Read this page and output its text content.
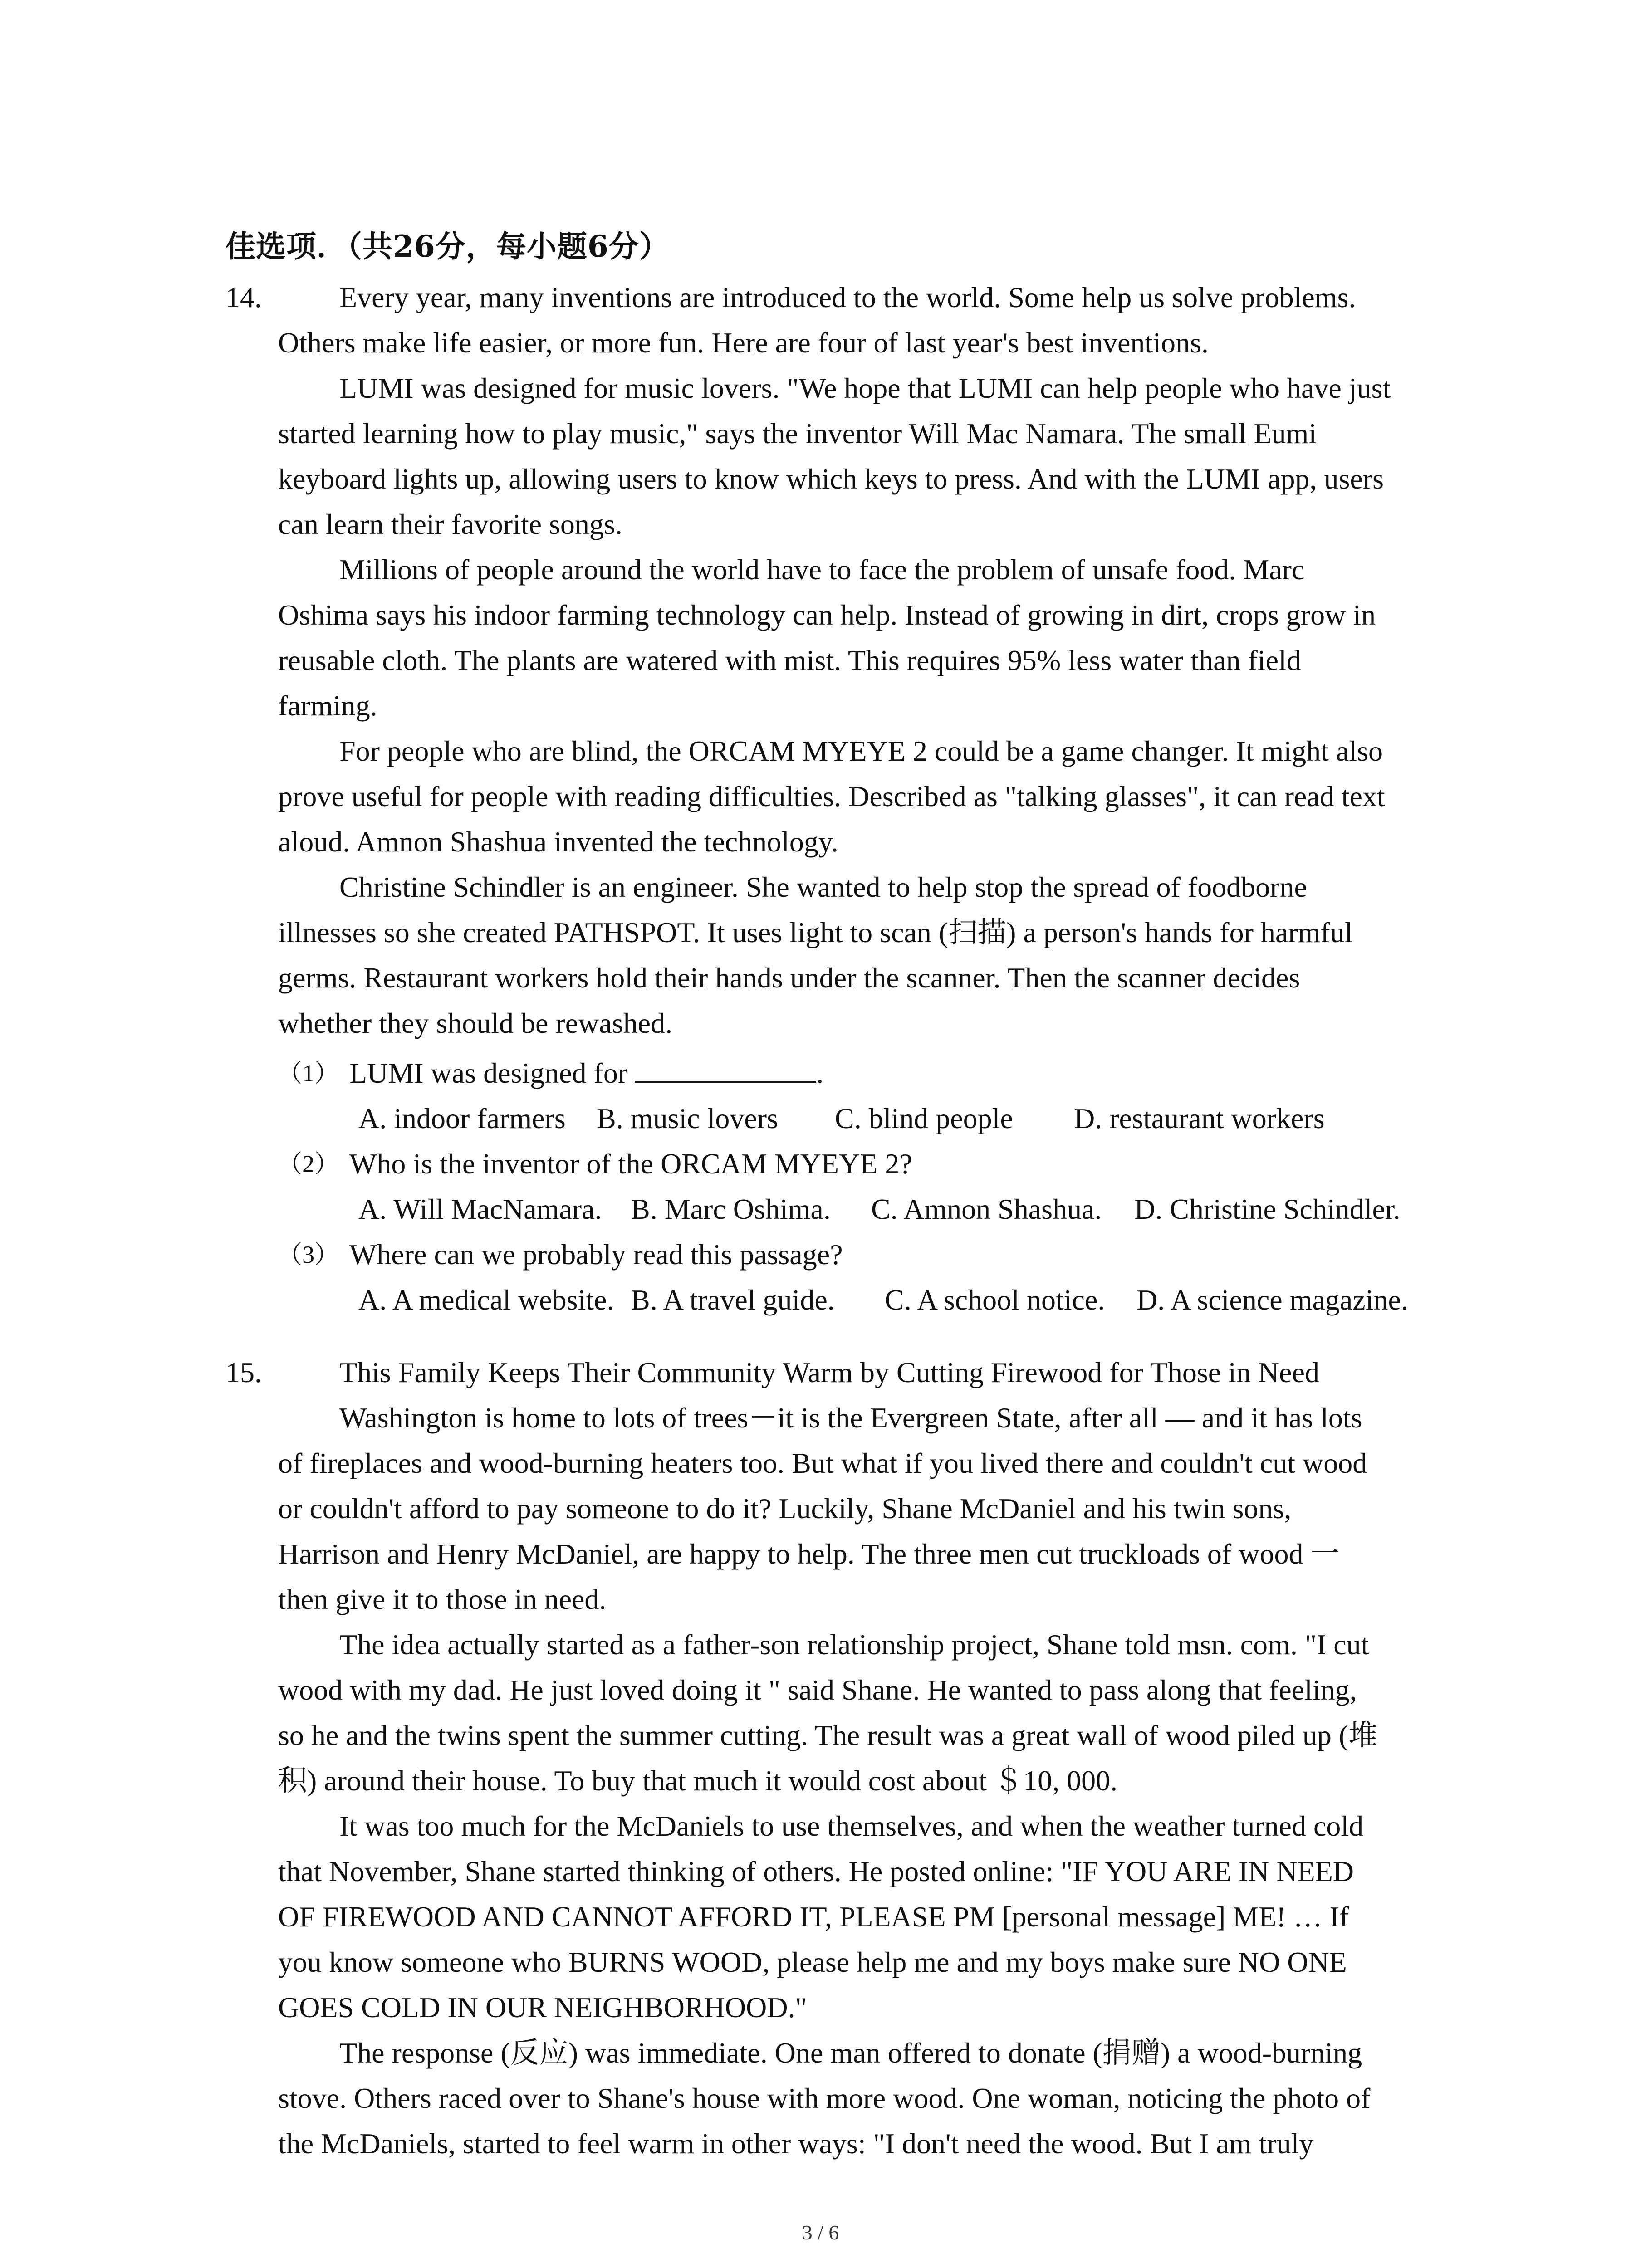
佳选项．（共26分，每小题6分）
14.	Every year, many inventions are introduced to the world. Some help us solve problems.
Others make life easier, or more fun. Here are four of last year's best inventions.
LUMI was designed for music lovers. "We hope that LUMI can help people who have just
started learning how to play music," says the inventor Will Mac Namara. The small Eumi
keyboard lights up, allowing users to know which keys to press. And with the LUMI app, users
can learn their favorite songs.
Millions of people around the world have to face the problem of unsafe food. Marc
Oshima says his indoor farming technology can help. Instead of growing in dirt, crops grow in
reusable cloth. The plants are watered with mist. This requires 95% less water than field
farming.
For people who are blind, the ORCAM MYEYE 2 could be a game changer. It might also
prove useful for people with reading difficulties. Described as "talking glasses", it can read text
aloud. Amnon Shashua invented the technology.
Christine Schindler is an engineer. She wanted to help stop the spread of foodborne
illnesses so she created PATHSPOT. It uses light to scan (扫描) a person's hands for harmful
germs. Restaurant workers hold their hands under the scanner. Then the scanner decides
whether they should be rewashed.
（1） LUMI was designed for	.
A. indoor farmers B. music lovers C. blind people D. restaurant workers
（2） Who is the inventor of the ORCAM MYEYE 2?
A. Will MacNamara. B. Marc Oshima. C. Amnon Shashua. D. Christine Schindler.
（3） Where can we probably read this passage?
A. A medical website. B. A travel guide. C. A school notice. D. A science magazine.
15.	This Family Keeps Their Community Warm by Cutting Firewood for Those in Need
Washington is home to lots of trees－it is the Evergreen State, after all — and it has lots
of fireplaces and wood-burning heaters too. But what if you lived there and couldn't cut wood
or couldn't afford to pay someone to do it? Luckily, Shane McDaniel and his twin sons,
Harrison and Henry McDaniel, are happy to help. The three men cut truckloads of wood 一
then give it to those in need.
The idea actually started as a father-son relationship project, Shane told msn. com. "I cut
wood with my dad. He just loved doing it " said Shane. He wanted to pass along that feeling,
so he and the twins spent the summer cutting. The result was a great wall of wood piled up (堆
积) around their house. To buy that much it would cost about ＄10, 000.
It was too much for the McDaniels to use themselves, and when the weather turned cold
that November, Shane started thinking of others. He posted online: "IF YOU ARE IN NEED
OF FIREWOOD AND CANNOT AFFORD IT, PLEASE PM [personal message] ME! … If
you know someone who BURNS WOOD, please help me and my boys make sure NO ONE
GOES COLD IN OUR NEIGHBORHOOD."
The response (反应) was immediate. One man offered to donate (捐赠) a wood-burning
stove. Others raced over to Shane's house with more wood. One woman, noticing the photo of
the McDaniels, started to feel warm in other ways: "I don't need the wood. But I am truly
3 / 6
